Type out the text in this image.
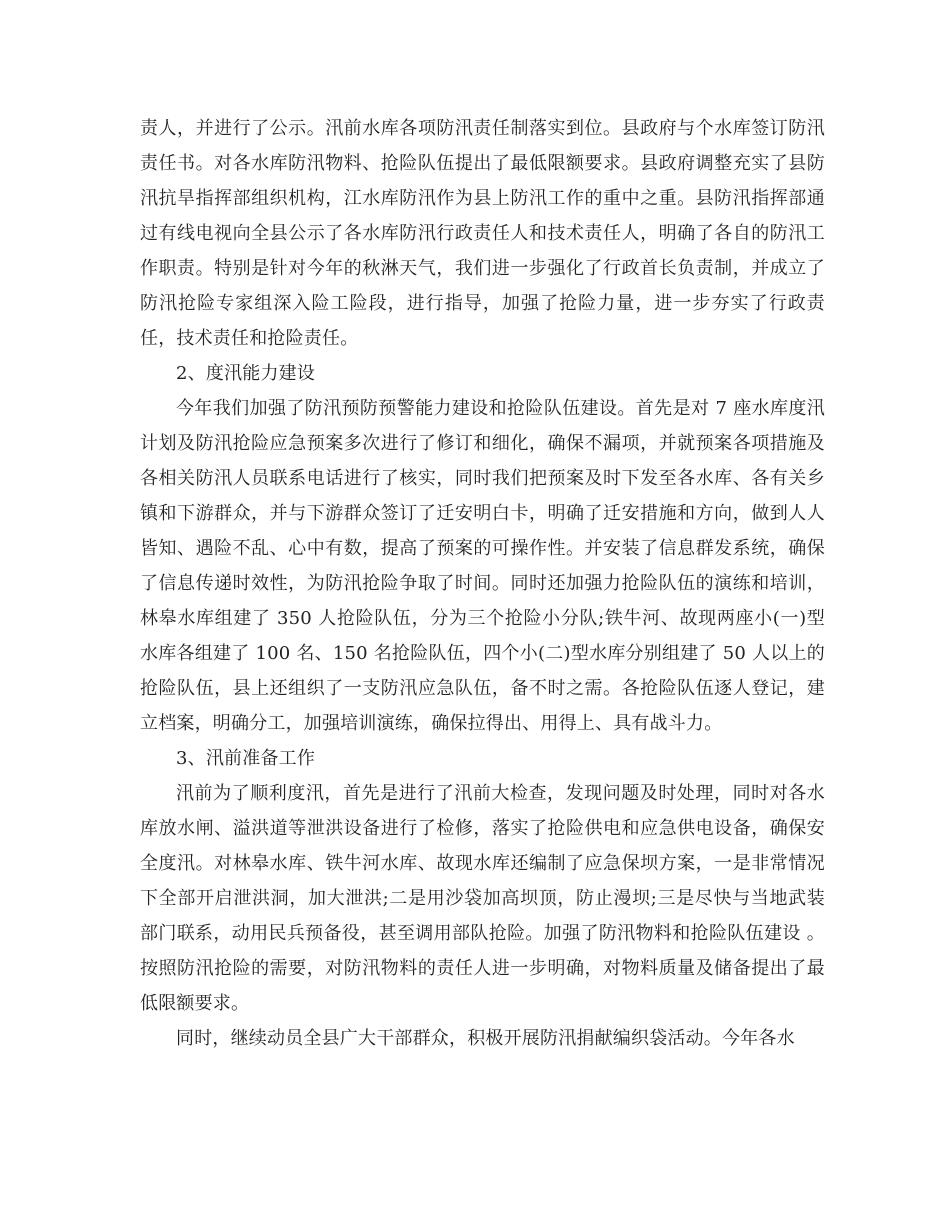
责人，并进行了公示。汛前水库各项防汛责任制落实到位。县政府与个水库签订防汛责任书。对各水库防汛物料、抢险队伍提出了最低限额要求。县政府调整充实了县防汛抗旱指挥部组织机构，江水库防汛作为县上防汛工作的重中之重。县防汛指挥部通过有线电视向全县公示了各水库防汛行政责任人和技术责任人，明确了各自的防汛工作职责。特别是针对今年的秋淋天气，我们进一步强化了行政首长负责制，并成立了防汛抢险专家组深入险工险段，进行指导，加强了抢险力量，进一步夯实了行政责任，技术责任和抢险责任。

2、度汛能力建设

今年我们加强了防汛预防预警能力建设和抢险队伍建设。首先是对 7 座水库度汛计划及防汛抢险应急预案多次进行了修订和细化，确保不漏项，并就预案各项措施及各相关防汛人员联系电话进行了核实，同时我们把预案及时下发至各水库、各有关乡镇和下游群众，并与下游群众签订了迁安明白卡，明确了迁安措施和方向，做到人人皆知、遇险不乱、心中有数，提高了预案的可操作性。并安装了信息群发系统，确保了信息传递时效性，为防汛抢险争取了时间。同时还加强力抢险队伍的演练和培训，林皋水库组建了 350 人抢险队伍，分为三个抢险小分队;铁牛河、故现两座小(一)型水库各组建了 100 名、150 名抢险队伍，四个小(二)型水库分别组建了 50 人以上的抢险队伍，县上还组织了一支防汛应急队伍，备不时之需。各抢险队伍逐人登记，建立档案，明确分工，加强培训演练，确保拉得出、用得上、具有战斗力。

3、汛前准备工作

汛前为了顺利度汛，首先是进行了汛前大检查，发现问题及时处理，同时对各水库放水闸、溢洪道等泄洪设备进行了检修，落实了抢险供电和应急供电设备，确保安全度汛。对林皋水库、铁牛河水库、故现水库还编制了应急保坝方案，一是非常情况下全部开启泄洪洞，加大泄洪;二是用沙袋加高坝顶，防止漫坝;三是尽快与当地武装部门联系，动用民兵预备役，甚至调用部队抢险。加强了防汛物料和抢险队伍建设 。按照防汛抢险的需要，对防汛物料的责任人进一步明确，对物料质量及储备提出了最低限额要求。

同时，继续动员全县广大干部群众，积极开展防汛捐献编织袋活动。今年各水
